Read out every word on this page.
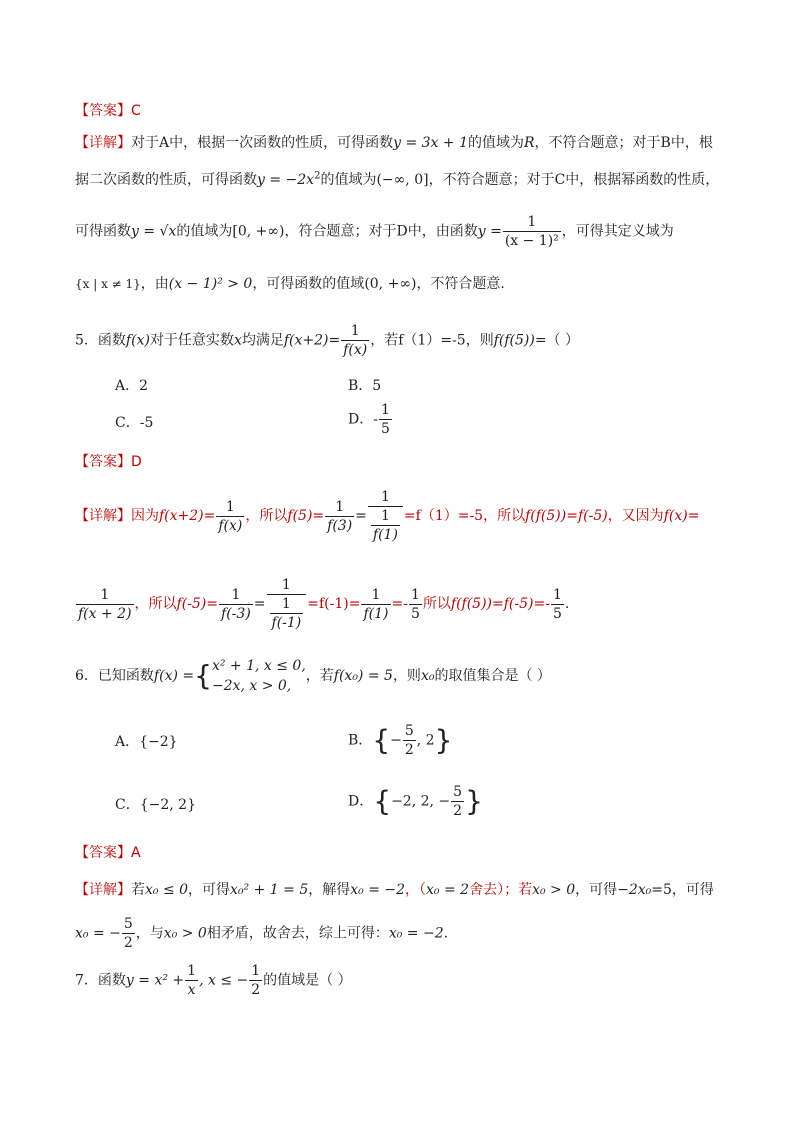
【答案】C
【详解】对于A中，根据一次函数的性质，可得函数y = 3x + 1的值域为R，不符合题意；对于B中，根
据二次函数的性质，可得函数$y = -2x^2$的值域为(−∞, 0]，不符合题意；对于C中，根据幂函数的性质，
可得函数y = √x的值域为[0, +∞)，符合题意；对于D中，由函数$y = \frac{1}{\text{(x − 1)²}}$ ，可得其定义域为
{x | x ≠ 1}，由(x − 1)² > 0，可得函数的值域(0, +∞)，不符合题意.
5．函数f(x)对于任意实数x均满足$f(x+2)= \frac{1}{f(x)}$ ，若f（1）=-5，则f(f(5))=（ ）
A．2	B．5
C．-5	D．- $\frac{1}{5}$
【答案】D
【详解】因为$f(x+2)= \frac{1}{f(x)}$ ，所以$f(5)= \frac{1}{f(3)} = 1$
1
f(1) =f（1）=-5，所以f(f(5))=f(-5)，又因为f(x)=
$\frac{1}{f(x + 2)}$ ，所以$f(-5)= \frac{1}{f(-3)} = 1$
1
$f(-1) =f(-1)= \frac{1}{f(1)} =- \frac{1}{5}$ 所以$f(f(5))=f(-5)=- \frac{1}{5}$ .
6．已知函数f(x) ={ x² + 1, x ≤ 0,
−2x, x > 0,
，若f(x₀) = 5，则x₀的取值集合是（ ）
A．{−2}	B．{− $\frac{5}{2}$ , 2}
C．{−2, 2}	D．{−2, 2, − $\frac{5}{2}$ }
【答案】A
【详解】若x₀ ≤ 0，可得x₀² + 1 = 5，解得x₀ = −2，（x₀ = 2舍去）；若x₀ > 0，可得−2x₀=5，可得
x₀ = − $\frac{5}{2}$ ，与x₀ > 0相矛盾，故舍去，综上可得：x₀ = −2.
7．函数$y = x^2 + \frac{1}{x}$ , x ≤ − $\frac{1}{2}$ 的值域是（ ）
